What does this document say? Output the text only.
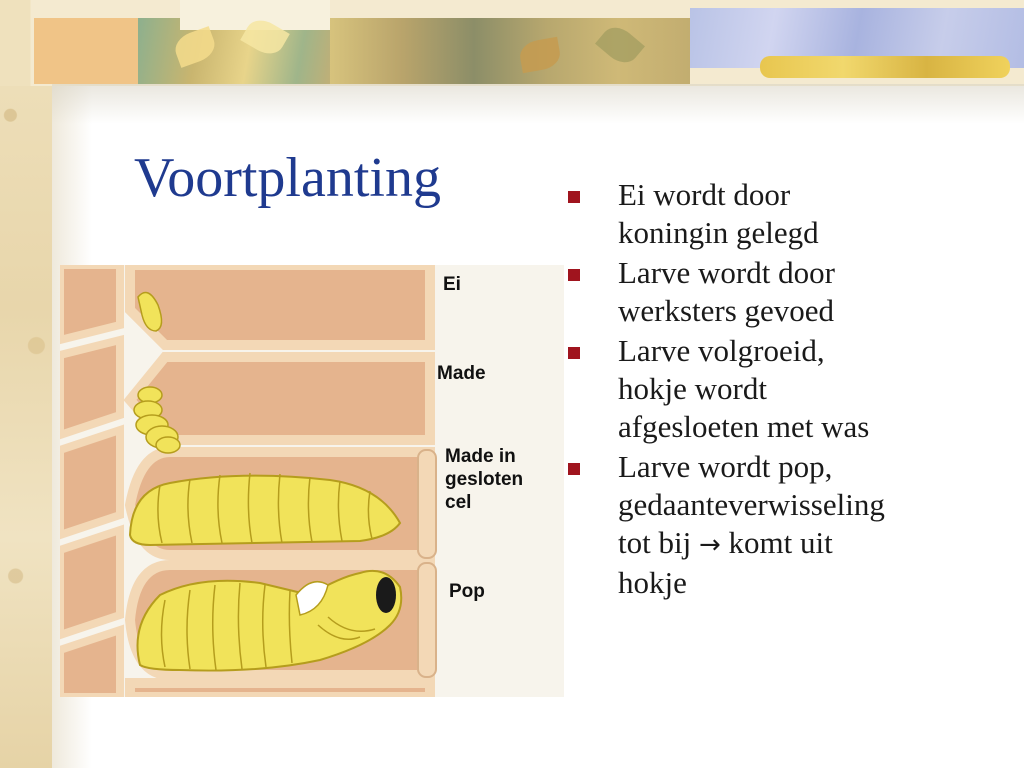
Voortplanting
Ei
Made
Made in
gesloten
cel
Pop
Ei wordt door
koningin gelegd
Larve wordt door
werksters gevoed
Larve volgroeid,
hokje wordt
afgesloeten met was
Larve wordt pop,
gedaanteverwisseling
tot bij → komt uit
hokje
